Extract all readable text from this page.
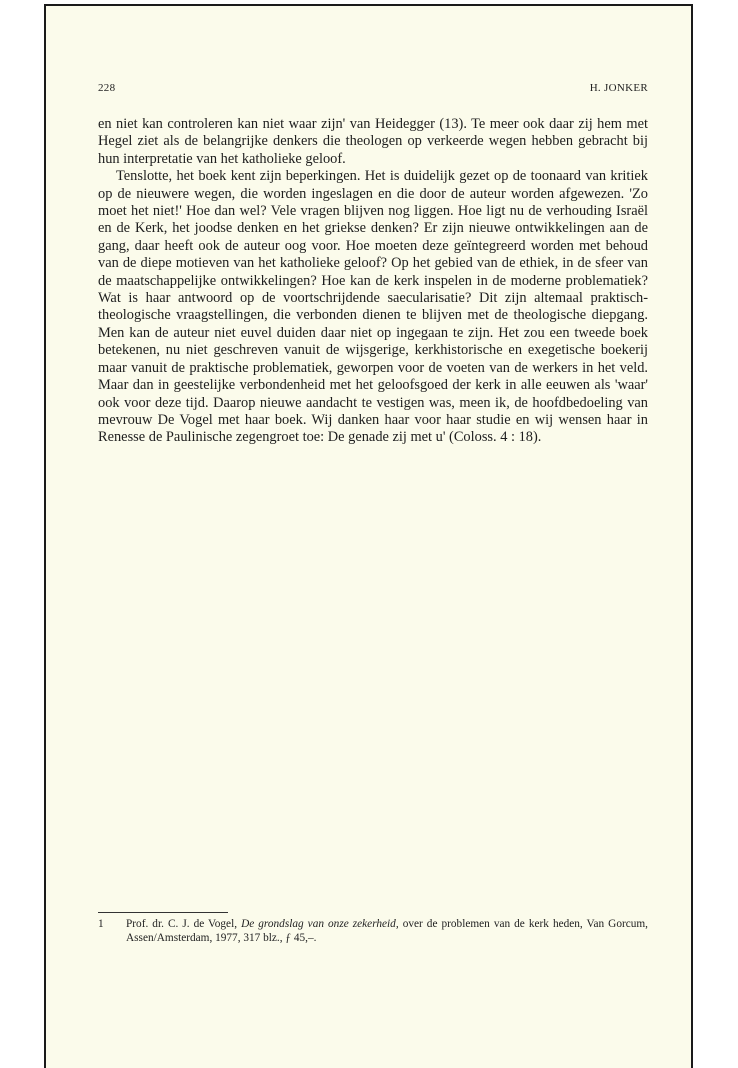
228	H. JONKER

en niet kan controleren kan niet waar zijn' van Heidegger (13). Te meer ook daar zij hem met Hegel ziet als de belangrijke denkers die theologen op verkeerde wegen hebben gebracht bij hun interpretatie van het katholieke geloof.

Tenslotte, het boek kent zijn beperkingen. Het is duidelijk gezet op de toonaard van kritiek op de nieuwere wegen, die worden ingeslagen en die door de auteur worden afgewezen. 'Zo moet het niet!' Hoe dan wel? Vele vragen blijven nog liggen. Hoe ligt nu de verhouding Israël en de Kerk, het joodse denken en het griekse denken? Er zijn nieuwe ontwikkelingen aan de gang, daar heeft ook de auteur oog voor. Hoe moeten deze geïntegreerd worden met behoud van de diepe motieven van het katholieke geloof? Op het gebied van de ethiek, in de sfeer van de maatschappelijke ontwikkelingen? Hoe kan de kerk inspelen in de moderne problematiek? Wat is haar antwoord op de voortschrijdende saecularisatie? Dit zijn altemaal praktisch-theologische vraagstellingen, die verbonden dienen te blijven met de theologische diepgang. Men kan de auteur niet euvel duiden daar niet op ingegaan te zijn. Het zou een tweede boek betekenen, nu niet geschreven vanuit de wijsgerige, kerkhistorische en exegetische boekerij maar vanuit de praktische problematiek, geworpen voor de voeten van de werkers in het veld. Maar dan in geestelijke verbondenheid met het geloofsgoed der kerk in alle eeuwen als 'waar' ook voor deze tijd. Daarop nieuwe aandacht te vestigen was, meen ik, de hoofdbedoeling van mevrouw De Vogel met haar boek. Wij danken haar voor haar studie en wij wensen haar in Renesse de Paulinische zegengroet toe: De genade zij met u' (Coloss. 4 : 18).

1	Prof. dr. C. J. de Vogel, De grondslag van onze zekerheid, over de problemen van de kerk heden, Van Gorcum, Assen/Amsterdam, 1977, 317 blz., ƒ 45,–.
